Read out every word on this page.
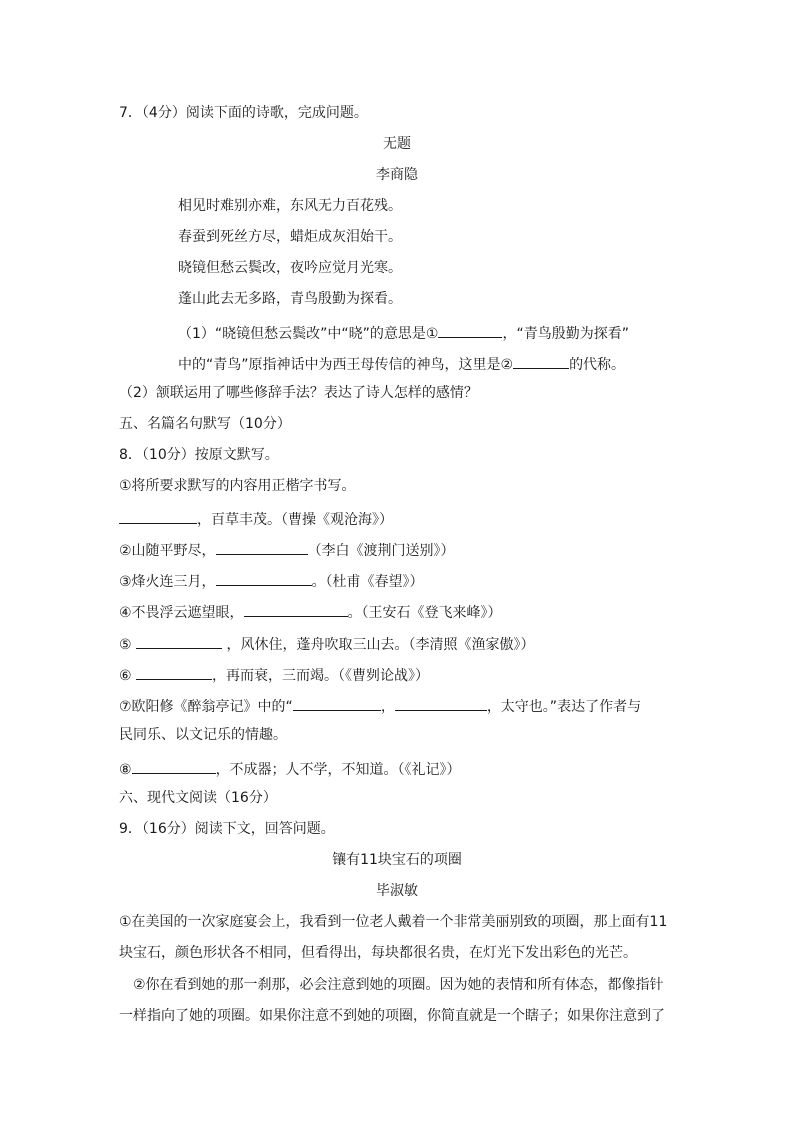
7．（4分）阅读下面的诗歌，完成问题。
无题
李商隐
相见时难别亦难，东风无力百花残。
春蚕到死丝方尽，蜡炬成灰泪始干。
晓镜但愁云鬓改，夜吟应觉月光寒。
蓬山此去无多路，青鸟殷勤为探看。
（1）“晓镜但愁云鬓改”中“晓”的意思是①	，“青鸟殷勤为探看”
中的“青鸟”原指神话中为西王母传信的神鸟，这里是②	的代称。
（2）颔联运用了哪些修辞手法？表达了诗人怎样的感情？
五、名篇名句默写（10分）
8．（10分）按原文默写。
①将所要求默写的内容用正楷字书写。
，百草丰茂。（曹操《观沧海》）
②山随平野尽，	（李白《渡荆门送别》）
③烽火连三月，	。（杜甫《春望》）
④不畏浮云遮望眼，	。（王安石《登飞来峰》）
⑤	，风休住，蓬舟吹取三山去。（李清照《渔家傲》）
⑥	，再而衰，三而竭。（《曹刿论战》）
⑦欧阳修《醉翁亭记》中的“	，	，太守也。”表达了作者与
民同乐、以文记乐的情趣。
⑧	，不成器；人不学，不知道。（《礼记》）
六、现代文阅读（16分）
9．（16分）阅读下文，回答问题。
镶有11块宝石的项圈
毕淑敏
①在美国的一次家庭宴会上，我看到一位老人戴着一个非常美丽别致的项圈，那上面有11
块宝石，颜色形状各不相同，但看得出，每块都很名贵，在灯光下发出彩色的光芒。
②你在看到她的那一刹那，必会注意到她的项圈。因为她的表情和所有体态，都像指针
一样指向了她的项圈。如果你注意不到她的项圈，你简直就是一个瞎子；如果你注意到了
